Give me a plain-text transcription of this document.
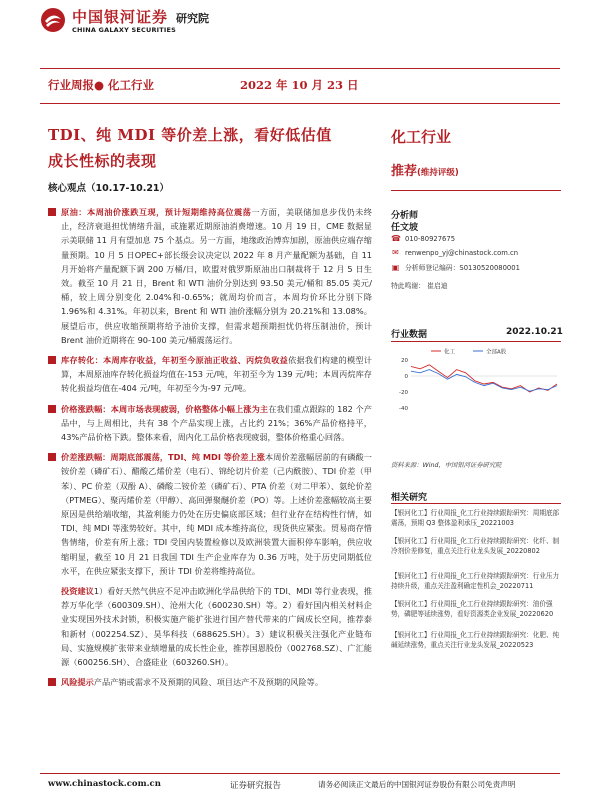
中国银河证券
CHINA GALAXY SECURITIES
研究院
行业周报● 化工行业	2022 年 10 月 23 日
TDI、纯 MDI 等价差上涨，看好低估值
成长性标的表现
核心观点（10.17-10.21）
原油：本周油价涨跌互现，预计短期维持高位震荡一方面，美联储加息步伐仍未终止，经济衰退担忧情绪升温，或施累近期原油消费增速。10 月 19 日，CME 数据显示美联储 11 月有望加息 75 个基点。另一方面，地缘政治博弈加剧，原油供应端存缩量预期。10 月 5 日OPEC+部长级会议决定以 2022 年 8 月产量配额为基础，自 11 月开始将产量配额下调 200 万桶/日，欧盟对俄罗斯原油出口制裁将于 12 月 5 日生效。截至 10 月 21 日，Brent 和 WTI 油价分别达到 93.50 美元/桶和 85.05 美元/桶，较上周分别变化 2.04%和-0.65%；就周均价而言，本周均价环比分别下降 1.96%和 4.31%。年初以来，Brent 和 WTI 油价涨幅分别为 20.21%和 13.08%。展望后市，供应收缩预期将给予油价支撑，但需求超预期担忧仍将压制油价，预计 Brent 油价近期将在 90-100 美元/桶震荡运行。
库存转化：本周库存收益，年初至今原油正收益、丙烷负收益依据我们构建的模型计算，本周原油库存转化损益均值在-153 元/吨，年初至今为 139 元/吨；本周丙烷库存转化损益均值在-404 元/吨，年初至今为-97 元/吨。
价格涨跌幅：本周市场表现疲弱，价格整体小幅上涨为主在我们重点跟踪的 182 个产品中，与上周相比，共有 38 个产品实现上涨，占比约 21%；36%产品价格持平，43%产品价格下跌。整体来看，周内化工品价格表现疲弱，整体价格重心回落。
价差涨跌幅：周期底部震荡，TDI、纯 MDI 等价差上涨本周价差涨幅居前的有磷酸一铵价差（磷矿石）、醋酸乙烯价差（电石）、锦纶切片价差（己内酰胺）、TDI 价差（甲苯）、PC 价差（双酚 A）、磷酸二铵价差（磷矿石）、PTA 价差（对二甲苯）、氨纶价差（PTMEG）、聚丙烯价差（甲醇）、高回弹聚醚价差（PO）等。上述价差涨幅较高主要原因是供给端收缩，其盈利能力仍处在历史偏底部区域；但行业存在结构性行情，如 TDI、纯 MDI 等涨势较好。其中，纯 MDI 成本维持高位，现货供应紧张。贸易商存惜售情绪，价差有所上涨；TDI 受国内装置检修以及欧洲装置大面积停车影响，供应收缩明显，截至 10 月 21 日我国 TDI 生产企业库存为 0.36 万吨，处于历史同期低位水平，在供应紧张支撑下，预计 TDI 价差将维持高位。
投资建议1）看好天然气供应不足冲击欧洲化学品供给下的 TDI、MDI 等行业表现，推荐万华化学（600309.SH）、沧州大化（600230.SH）等。2）看好国内相关材料企业实现国外技术封锁，积极实施产能扩张进行国产替代带来的广阔成长空间，推荐泰和新材（002254.SZ）、昊华科技（688625.SH）。3）建议积极关注强化产业链布局、实施规模扩张带来业绩增量的成长性企业，推荐国恩股份（002768.SZ）、广汇能源（600256.SH）、合盛硅业（603260.SH）。
风险提示产品产销或需求不及预期的风险、项目达产不及预期的风险等。
化工行业
推荐(维持评级)
分析师
任文坡
☎ 010-80927675
✉ renwenpo_yj@chinastock.com.cn
▣ 分析师登记编码：S0130520080001
特此鸣谢： 崔启迪
行业数据	2022.10.21
化工	全部A股
20
0
-20
-40
资料来源：Wind，中国银河证券研究院
相关研究
【银河化工】行业周报_化工行业持续跟踪研究：周期底部震荡，预期 Q3 整体盈利承压_20221003
【银河化工】行业周报_化工行业持续跟踪研究：化纤、制冷剂价差修复，重点关注行业龙头发展_20220802
【银河化工】行业周报_化工行业持续跟踪研究：行业压力持续升级，重点关注盈利确定性机会_20220711
【银河化工】行业周报_化工行业持续跟踪研究：油价强势，磷肥等延续涨势，看好资源类企业发展_20220620
【银河化工】行业周报_化工行业持续跟踪研究：化肥、纯碱延续涨势，重点关注行业龙头发展_20220523
www.chinastock.com.cn	证券研究报告	请务必阅读正文最后的中国银河证券股份有限公司免责声明
